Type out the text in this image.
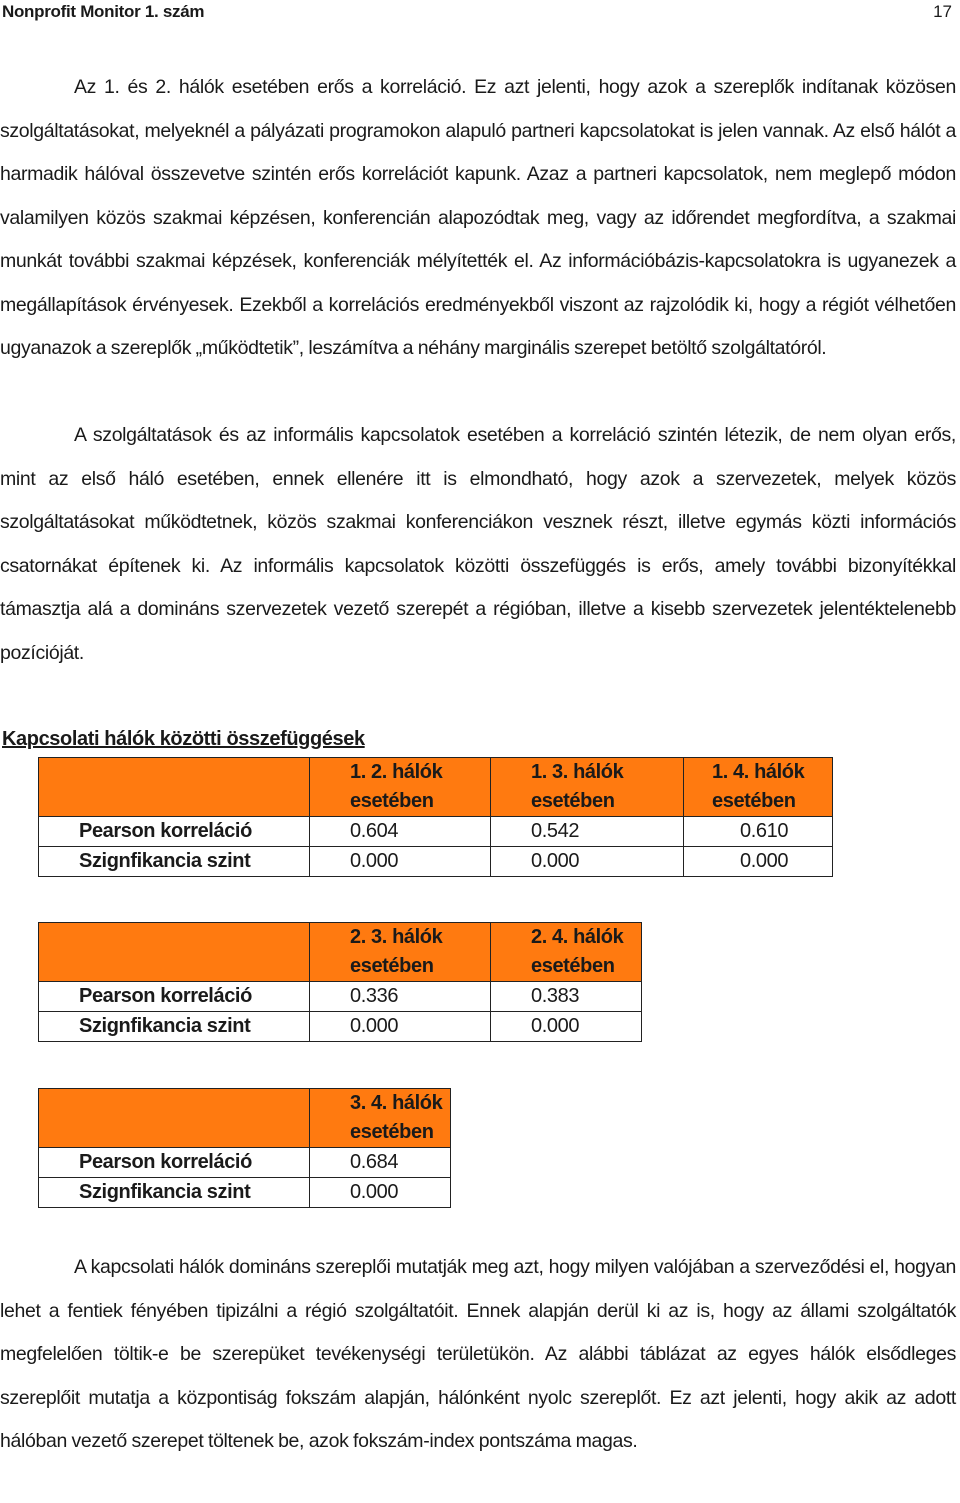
Nonprofit Monitor 1. szám	17

Az 1. és 2. hálók esetében erős a korreláció. Ez azt jelenti, hogy azok a szereplők indítanak közösen szolgáltatásokat, melyeknél a pályázati programokon alapuló partneri kapcsolatokat is jelen vannak. Az első hálót a harmadik hálóval összevetve szintén erős korrelációt kapunk. Azaz a partneri kapcsolatok, nem meglepő módon valamilyen közös szakmai képzésen, konferencián alapozódtak meg, vagy az időrendet megfordítva, a szakmai munkát további szakmai képzések, konferenciák mélyítették el. Az információbázis-kapcsolatokra is ugyanezek a megállapítások érvényesek. Ezekből a korrelációs eredményekből viszont az rajzolódik ki, hogy a régiót vélhetően ugyanazok a szereplők „működtetik”, leszámítva a néhány marginális szerepet betöltő szolgáltatóról.

A szolgáltatások és az informális kapcsolatok esetében a korreláció szintén létezik, de nem olyan erős, mint az első háló esetében, ennek ellenére itt is elmondható, hogy azok a szervezetek, melyek közös szolgáltatásokat működtetnek, közös szakmai konferenciákon vesznek részt, illetve egymás közti információs csatornákat építenek ki. Az informális kapcsolatok közötti összefüggés is erős, amely további bizonyítékkal támasztja alá a domináns szervezetek vezető szerepét a régióban, illetve a kisebb szervezetek jelentéktelenebb pozícióját.

Kapcsolati hálók közötti összefüggések

	1. 2. hálók
esetében	1. 3. hálók
esetében	1. 4. hálók
esetében

Pearson korreláció	0.604	0.542	0.610
Szignfikancia szint	0.000	0.000	0.000

	2. 3. hálók
esetében	2. 4. hálók
esetében

Pearson korreláció	0.336	0.383
Szignfikancia szint	0.000	0.000

	3. 4. hálók
esetében

Pearson korreláció	0.684
Szignfikancia szint	0.000

A kapcsolati hálók domináns szereplői mutatják meg azt, hogy milyen valójában a szerveződési el, hogyan lehet a fentiek fényében tipizálni a régió szolgáltatóit. Ennek alapján derül ki az is, hogy az állami szolgáltatók megfelelően töltik-e be szerepüket tevékenységi területükön. Az alábbi táblázat az egyes hálók elsődleges szereplőit mutatja a központiság fokszám alapján, hálónként nyolc szereplőt. Ez azt jelenti, hogy akik az adott hálóban vezető szerepet töltenek be, azok fokszám-index pontszáma magas.
